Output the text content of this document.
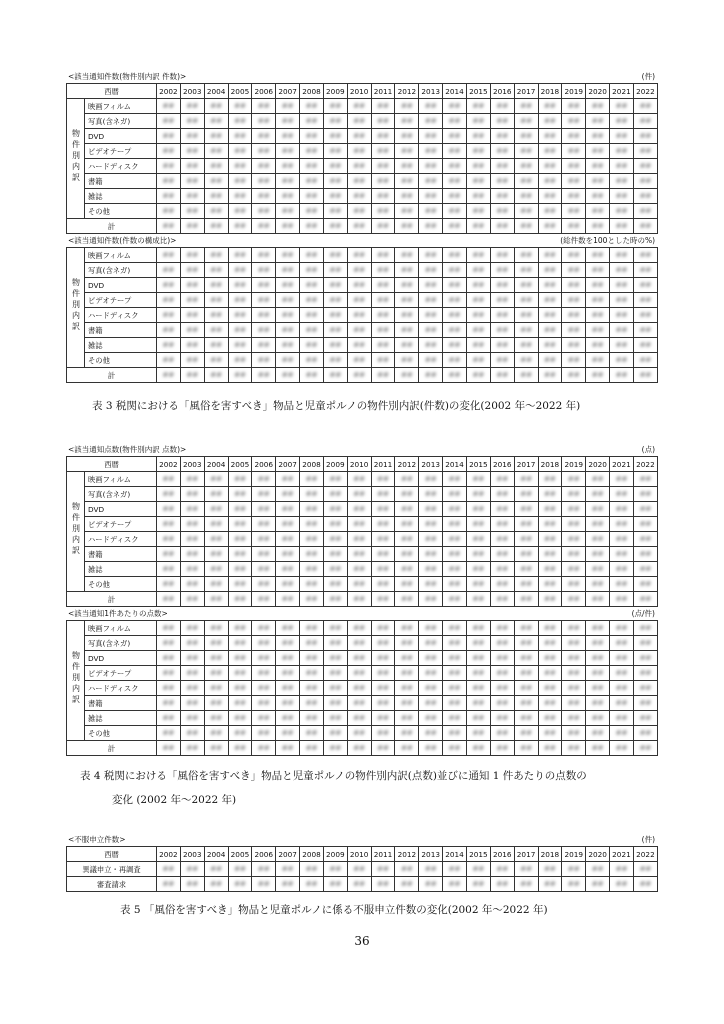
<該当通知件数(物件別内訳 件数)>	(件)
西暦		2002	2003	2004	2005	2006	2007	2008	2009	2010	2011	2012	2013	2014	2015	2016	2017	2018	2019	2020	2021	2022
物件別内訳	映画フィルム	##	##	##	##	##	##	##	##	##	##	##	##	##	##	##	##	##	##	##	##	##
	写真(含ネガ)	##	##	##	##	##	##	##	##	##	##	##	##	##	##	##	##	##	##	##	##	##
	DVD	##	##	##	##	##	##	##	##	##	##	##	##	##	##	##	##	##	##	##	##	##
	ビデオテープ	##	##	##	##	##	##	##	##	##	##	##	##	##	##	##	##	##	##	##	##	##
	ハードディスク	##	##	##	##	##	##	##	##	##	##	##	##	##	##	##	##	##	##	##	##	##
	書籍	##	##	##	##	##	##	##	##	##	##	##	##	##	##	##	##	##	##	##	##	##
	雑誌	##	##	##	##	##	##	##	##	##	##	##	##	##	##	##	##	##	##	##	##	##
	その他	##	##	##	##	##	##	##	##	##	##	##	##	##	##	##	##	##	##	##	##	##
計		##	##	##	##	##	##	##	##	##	##	##	##	##	##	##	##	##	##	##	##	##
<該当通知件数(件数の構成比)>	(総件数を100とした時の%)
物件別内訳	映画フィルム	##	##	##	##	##	##	##	##	##	##	##	##	##	##	##	##	##	##	##	##	##
	写真(含ネガ)	##	##	##	##	##	##	##	##	##	##	##	##	##	##	##	##	##	##	##	##	##
	DVD	##	##	##	##	##	##	##	##	##	##	##	##	##	##	##	##	##	##	##	##	##
	ビデオテープ	##	##	##	##	##	##	##	##	##	##	##	##	##	##	##	##	##	##	##	##	##
	ハードディスク	##	##	##	##	##	##	##	##	##	##	##	##	##	##	##	##	##	##	##	##	##
	書籍	##	##	##	##	##	##	##	##	##	##	##	##	##	##	##	##	##	##	##	##	##
	雑誌	##	##	##	##	##	##	##	##	##	##	##	##	##	##	##	##	##	##	##	##	##
	その他	##	##	##	##	##	##	##	##	##	##	##	##	##	##	##	##	##	##	##	##	##
計		##	##	##	##	##	##	##	##	##	##	##	##	##	##	##	##	##	##	##	##	##
表 3 税関における「風俗を害すべき」物品と児童ポルノの物件別内訳(件数)の変化(2002 年～2022 年)
<該当通知点数(物件別内訳 点数)>	(点)
西暦		2002	2003	2004	2005	2006	2007	2008	2009	2010	2011	2012	2013	2014	2015	2016	2017	2018	2019	2020	2021	2022
物件別内訳	映画フィルム	##	##	##	##	##	##	##	##	##	##	##	##	##	##	##	##	##	##	##	##	##
	写真(含ネガ)	##	##	##	##	##	##	##	##	##	##	##	##	##	##	##	##	##	##	##	##	##
	DVD	##	##	##	##	##	##	##	##	##	##	##	##	##	##	##	##	##	##	##	##	##
	ビデオテープ	##	##	##	##	##	##	##	##	##	##	##	##	##	##	##	##	##	##	##	##	##
	ハードディスク	##	##	##	##	##	##	##	##	##	##	##	##	##	##	##	##	##	##	##	##	##
	書籍	##	##	##	##	##	##	##	##	##	##	##	##	##	##	##	##	##	##	##	##	##
	雑誌	##	##	##	##	##	##	##	##	##	##	##	##	##	##	##	##	##	##	##	##	##
	その他	##	##	##	##	##	##	##	##	##	##	##	##	##	##	##	##	##	##	##	##	##
計		##	##	##	##	##	##	##	##	##	##	##	##	##	##	##	##	##	##	##	##	##
<該当通知1件あたりの点数>	(点/件)
物件別内訳	映画フィルム	##	##	##	##	##	##	##	##	##	##	##	##	##	##	##	##	##	##	##	##	##
	写真(含ネガ)	##	##	##	##	##	##	##	##	##	##	##	##	##	##	##	##	##	##	##	##	##
	DVD	##	##	##	##	##	##	##	##	##	##	##	##	##	##	##	##	##	##	##	##	##
	ビデオテープ	##	##	##	##	##	##	##	##	##	##	##	##	##	##	##	##	##	##	##	##	##
	ハードディスク	##	##	##	##	##	##	##	##	##	##	##	##	##	##	##	##	##	##	##	##	##
	書籍	##	##	##	##	##	##	##	##	##	##	##	##	##	##	##	##	##	##	##	##	##
	雑誌	##	##	##	##	##	##	##	##	##	##	##	##	##	##	##	##	##	##	##	##	##
	その他	##	##	##	##	##	##	##	##	##	##	##	##	##	##	##	##	##	##	##	##	##
計		##	##	##	##	##	##	##	##	##	##	##	##	##	##	##	##	##	##	##	##	##
表 4 税関における「風俗を害すべき」物品と児童ポルノの物件別内訳(点数)並びに通知 1 件あたりの点数の
変化 (2002 年～2022 年)
<不服申立件数>	(件)
西暦	2002	2003	2004	2005	2006	2007	2008	2009	2010	2011	2012	2013	2014	2015	2016	2017	2018	2019	2020	2021	2022
異議申立・再調査	##	##	##	##	##	##	##	##	##	##	##	##	##	##	##	##	##	##	##	##	##
審査請求	##	##	##	##	##	##	##	##	##	##	##	##	##	##	##	##	##	##	##	##	##
表 5 「風俗を害すべき」物品と児童ポルノに係る不服申立件数の変化(2002 年～2022 年)
36
